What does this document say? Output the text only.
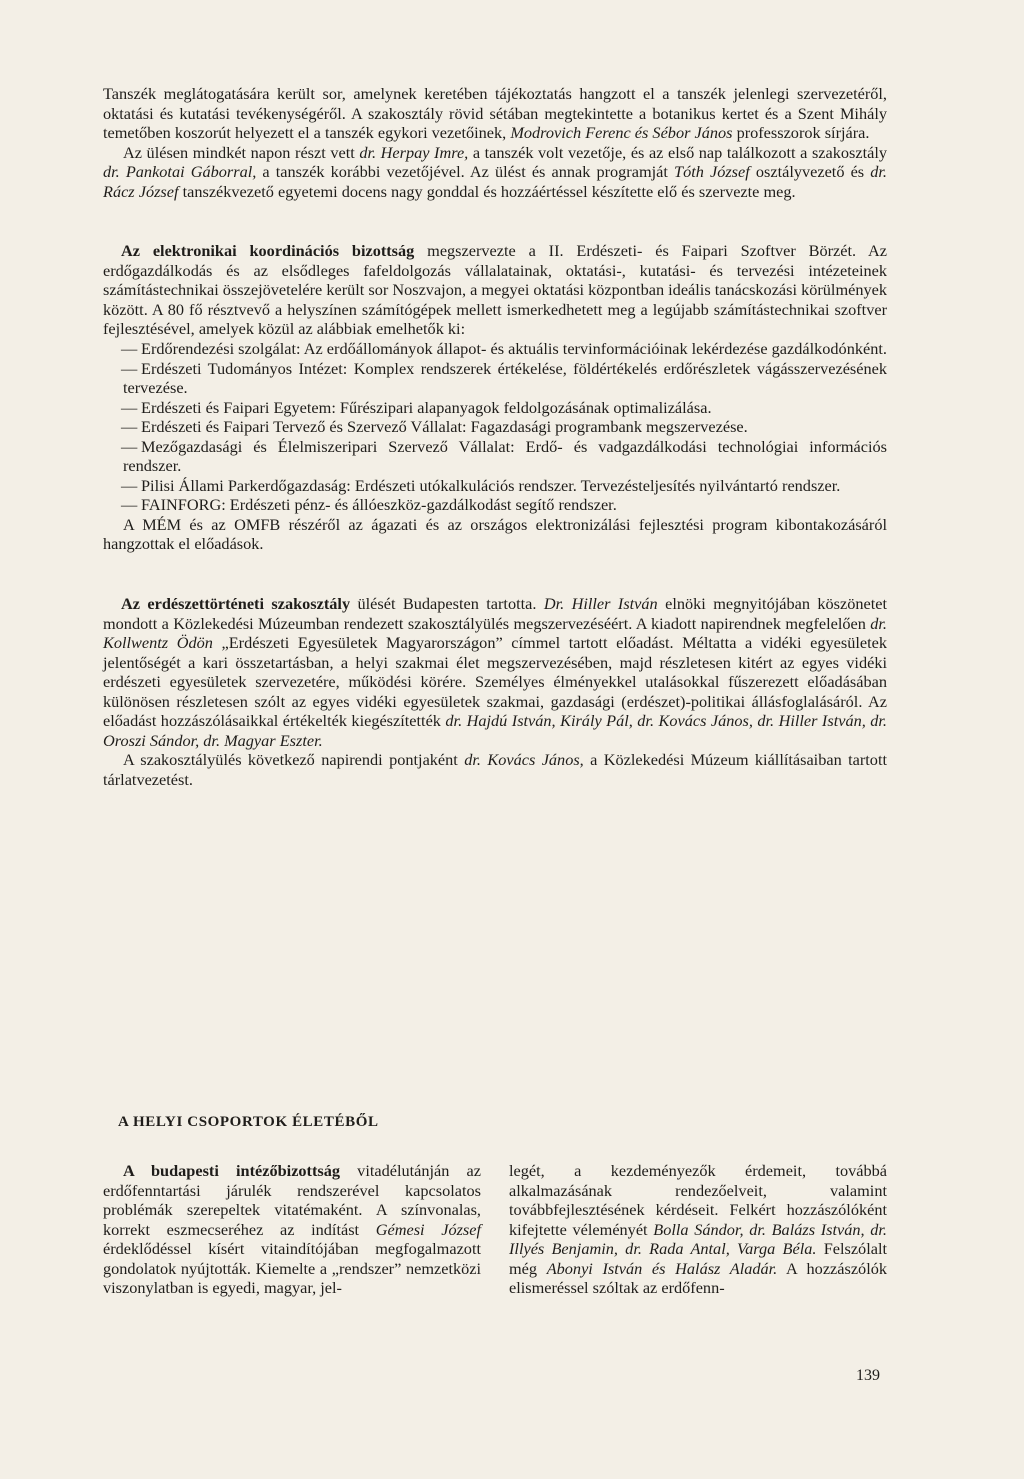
Tanszék meglátogatására került sor, amelynek keretében tájékoztatás hangzott el a tanszék jelenlegi szervezetéről, oktatási és kutatási tevékenységéről. A szakosztály rövid sétában megtekintette a botanikus kertet és a Szent Mihály temetőben koszorút helyezett el a tanszék egykori vezetőinek, Modrovich Ferenc és Sébor János professzorok sírjára.

Az ülésen mindkét napon részt vett dr. Herpay Imre, a tanszék volt vezetője, és az első nap találkozott a szakosztály dr. Pankotai Gáborral, a tanszék korábbi vezetőjével. Az ülést és annak programját Tóth József osztályvezető és dr. Rácz József tanszékvezető egyetemi docens nagy gonddal és hozzáértéssel készítette elő és szervezte meg.

Az elektronikai koordinációs bizottság megszervezte a II. Erdészeti- és Faipari Szoftver Börzét. Az erdőgazdálkodás és az elsődleges fafeldolgozás vállalatainak, oktatási-, kutatási- és tervezési intézeteinek számítástechnikai összejövetelére került sor Noszvajon, a megyei oktatási központban ideális tanácskozási körülmények között. A 80 fő résztvevő a helyszínen számítógépek mellett ismerkedhetett meg a legújabb számítástechnikai szoftver fejlesztésével, amelyek közül az alábbiak emelhetők ki:

— Erdőrendezési szolgálat: Az erdőállományok állapot- és aktuális tervinformációinak lekérdezése gazdálkodónként.
— Erdészeti Tudományos Intézet: Komplex rendszerek értékelése, földértékelés erdőrészletek vágásszervezésének tervezése.
— Erdészeti és Faipari Egyetem: Fűrészipari alapanyagok feldolgozásának optimalizálása.
— Erdészeti és Faipari Tervező és Szervező Vállalat: Fagazdasági programbank megszervezése.
— Mezőgazdasági és Élelmiszeripari Szervező Vállalat: Erdő- és vadgazdálkodási technológiai információs rendszer.
— Pilisi Állami Parkerdőgazdaság: Erdészeti utókalkulációs rendszer. Tervezésteljesítés nyilvántartó rendszer.
— FAINFORG: Erdészeti pénz- és állóeszköz-gazdálkodást segítő rendszer.

A MÉM és az OMFB részéről az ágazati és az országos elektronizálási fejlesztési program kibontakozásáról hangzottak el előadások.

Az erdészettörténeti szakosztály ülését Budapesten tartotta. Dr. Hiller István elnöki megnyitójában köszönetet mondott a Közlekedési Múzeumban rendezett szakosztályülés megszervezéséért. A kiadott napirendnek megfelelően dr. Kollwentz Ödön „Erdészeti Egyesületek Magyarországon” címmel tartott előadást. Méltatta a vidéki egyesületek jelentőségét a kari összetartásban, a helyi szakmai élet megszervezésében, majd részletesen kitért az egyes vidéki erdészeti egyesületek szervezetére, működési körére. Személyes élményekkel utalásokkal fűszerezett előadásában különösen részletesen szólt az egyes vidéki egyesületek szakmai, gazdasági (erdészet)-politikai állásfoglalásáról. Az előadást hozzászólásaikkal értékelték kiegészítették dr. Hajdú István, Király Pál, dr. Kovács János, dr. Hiller István, dr. Oroszi Sándor, dr. Magyar Eszter.

A szakosztályülés következő napirendi pontjaként dr. Kovács János, a Közlekedési Múzeum kiállításaiban tartott tárlatvezetést.

A HELYI CSOPORTOK ÉLETÉBŐL

A budapesti intézőbizottság vitadélutánján az erdőfenntartási járulék rendszerével kapcsolatos problémák szerepeltek vitatémaként. A színvonalas, korrekt eszmecseréhez az indítást Gémesi József érdeklődéssel kísért vitaindítójában megfogalmazott gondolatok nyújtották. Kiemelte a „rendszer” nemzetközi viszonylatban is egyedi, magyar, jel-

legét, a kezdeményezők érdemeit, továbbá alkalmazásának rendezőelveit, valamint továbbfejlesztésének kérdéseit. Felkért hozzászólóként kifejtette véleményét Bolla Sándor, dr. Balázs István, dr. Illyés Benjamin, dr. Rada Antal, Varga Béla. Felszólalt még Abonyi István és Halász Aladár. A hozzászólók elismeréssel szóltak az erdőfenn-

139
